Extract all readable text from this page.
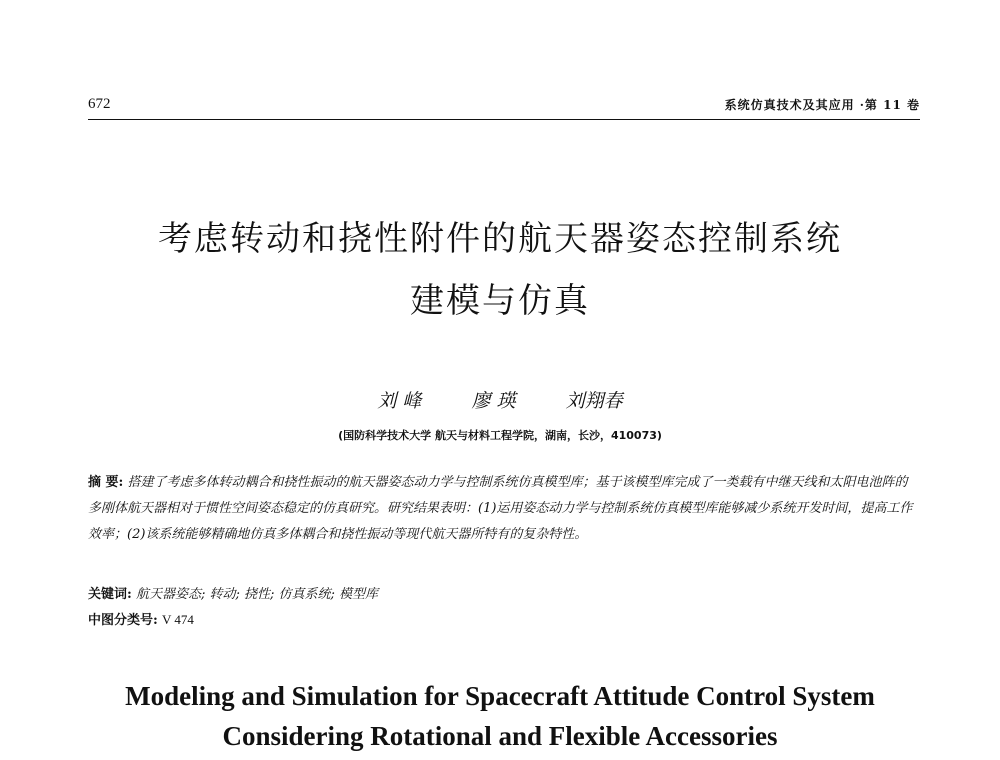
672	系统仿真技术及其应用 ·第 11 卷
考虑转动和挠性附件的航天器姿态控制系统
建模与仿真
刘 峰	廖 瑛	刘翔春
(国防科学技术大学 航天与材料工程学院，湖南，长沙，410073)
摘 要: 搭建了考虑多体转动耦合和挠性振动的航天器姿态动力学与控制系统仿真模型库；基于该模型库完成了一类载有中继天线和太阳电池阵的多刚体航天器相对于惯性空间姿态稳定的仿真研究。研究结果表明：(1)运用姿态动力学与控制系统仿真模型库能够减少系统开发时间，提高工作效率；(2)该系统能够精确地仿真多体耦合和挠性振动等现代航天器所特有的复杂特性。
关键词: 航天器姿态; 转动; 挠性; 仿真系统; 模型库
中图分类号: V 474
Modeling and Simulation for Spacecraft Attitude Control System
Considering Rotational and Flexible Accessories
